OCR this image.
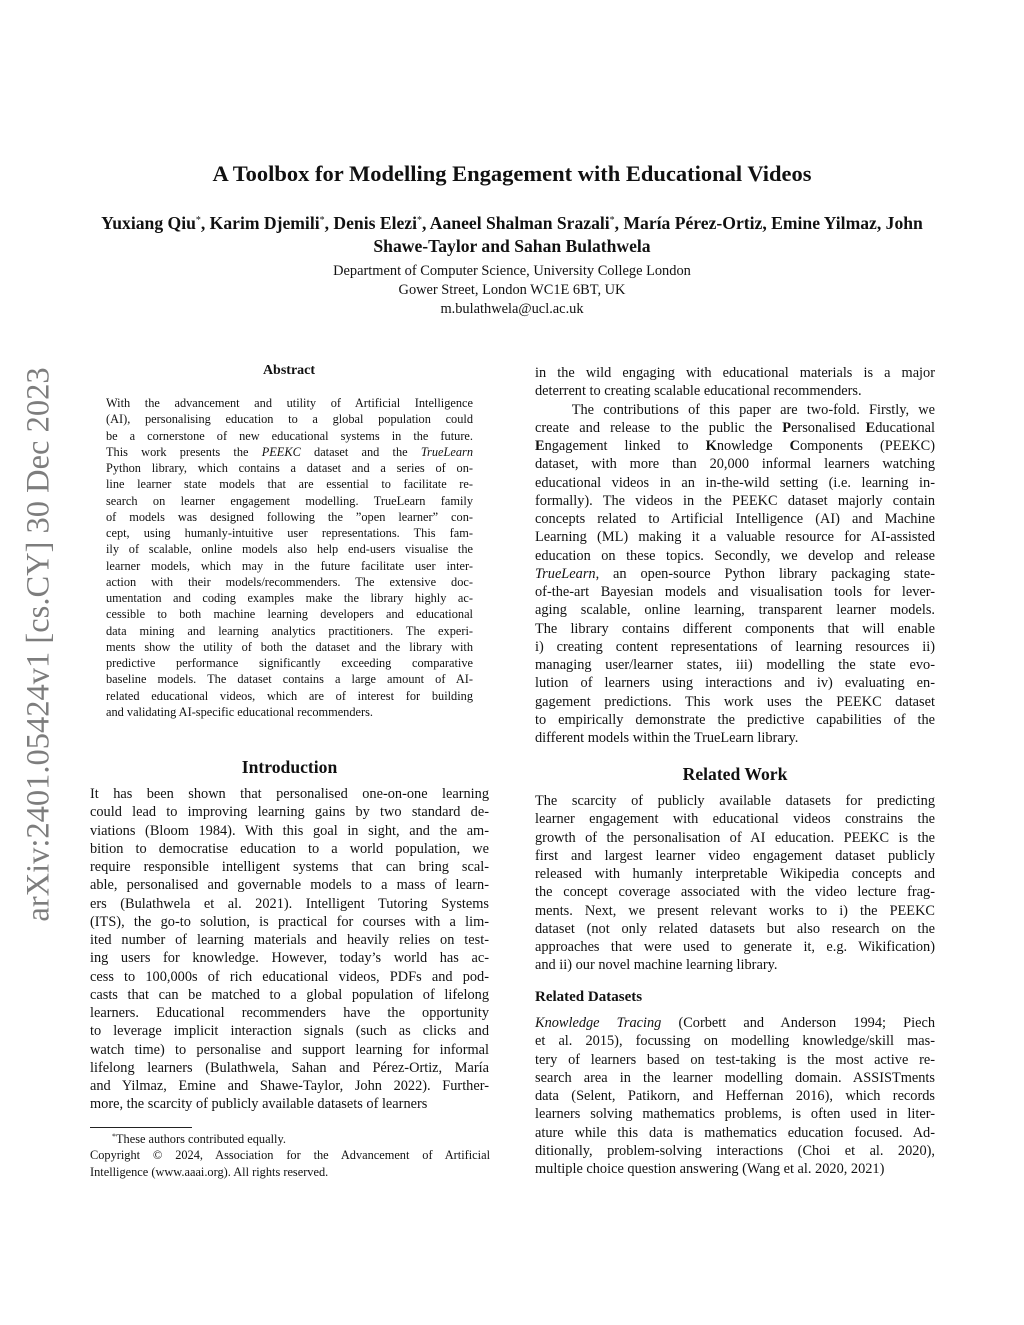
arXiv:2401.05424v1 [cs.CY] 30 Dec 2023
A Toolbox for Modelling Engagement with Educational Videos
Yuxiang Qiu*, Karim Djemili*, Denis Elezi*, Aaneel Shalman Srazali*, María Pérez-Ortiz, Emine Yilmaz, John Shawe-Taylor and Sahan Bulathwela
Department of Computer Science, University College London
Gower Street, London WC1E 6BT, UK
m.bulathwela@ucl.ac.uk
Abstract
With the advancement and utility of Artificial Intelligence
(AI), personalising education to a global population could
be a cornerstone of new educational systems in the future.
This work presents the PEEKC dataset and the TrueLearn
Python library, which contains a dataset and a series of on-
line learner state models that are essential to facilitate re-
search on learner engagement modelling. TrueLearn family
of models was designed following the ”open learner” con-
cept, using humanly-intuitive user representations. This fam-
ily of scalable, online models also help end-users visualise the
learner models, which may in the future facilitate user inter-
action with their models/recommenders. The extensive doc-
umentation and coding examples make the library highly ac-
cessible to both machine learning developers and educational
data mining and learning analytics practitioners. The experi-
ments show the utility of both the dataset and the library with
predictive performance significantly exceeding comparative
baseline models. The dataset contains a large amount of AI-
related educational videos, which are of interest for building
and validating AI-specific educational recommenders.
Introduction
It has been shown that personalised one-on-one learning
could lead to improving learning gains by two standard de-
viations (Bloom 1984). With this goal in sight, and the am-
bition to democratise education to a world population, we
require responsible intelligent systems that can bring scal-
able, personalised and governable models to a mass of learn-
ers (Bulathwela et al. 2021). Intelligent Tutoring Systems
(ITS), the go-to solution, is practical for courses with a lim-
ited number of learning materials and heavily relies on test-
ing users for knowledge. However, today’s world has ac-
cess to 100,000s of rich educational videos, PDFs and pod-
casts that can be matched to a global population of lifelong
learners. Educational recommenders have the opportunity
to leverage implicit interaction signals (such as clicks and
watch time) to personalise and support learning for informal
lifelong learners (Bulathwela, Sahan and Pérez-Ortiz, María
and Yilmaz, Emine and Shawe-Taylor, John 2022). Further-
more, the scarcity of publicly available datasets of learners
*These authors contributed equally.
Copyright © 2024, Association for the Advancement of Artificial
Intelligence (www.aaai.org). All rights reserved.
in the wild engaging with educational materials is a major
deterrent to creating scalable educational recommenders.
The contributions of this paper are two-fold. Firstly, we
create and release to the public the Personalised Educational
Engagement linked to Knowledge Components (PEEKC)
dataset, with more than 20,000 informal learners watching
educational videos in an in-the-wild setting (i.e. learning in-
formally). The videos in the PEEKC dataset majorly contain
concepts related to Artificial Intelligence (AI) and Machine
Learning (ML) making it a valuable resource for AI-assisted
education on these topics. Secondly, we develop and release
TrueLearn, an open-source Python library packaging state-
of-the-art Bayesian models and visualisation tools for lever-
aging scalable, online learning, transparent learner models.
The library contains different components that will enable
i) creating content representations of learning resources ii)
managing user/learner states, iii) modelling the state evo-
lution of learners using interactions and iv) evaluating en-
gagement predictions. This work uses the PEEKC dataset
to empirically demonstrate the predictive capabilities of the
different models within the TrueLearn library.
Related Work
The scarcity of publicly available datasets for predicting
learner engagement with educational videos constrains the
growth of the personalisation of AI education. PEEKC is the
first and largest learner video engagement dataset publicly
released with humanly interpretable Wikipedia concepts and
the concept coverage associated with the video lecture frag-
ments. Next, we present relevant works to i) the PEEKC
dataset (not only related datasets but also research on the
approaches that were used to generate it, e.g. Wikification)
and ii) our novel machine learning library.
Related Datasets
Knowledge Tracing (Corbett and Anderson 1994; Piech
et al. 2015), focussing on modelling knowledge/skill mas-
tery of learners based on test-taking is the most active re-
search area in the learner modelling domain. ASSISTments
data (Selent, Patikorn, and Heffernan 2016), which records
learners solving mathematics problems, is often used in liter-
ature while this data is mathematics education focused. Ad-
ditionally, problem-solving interactions (Choi et al. 2020),
multiple choice question answering (Wang et al. 2020, 2021)
